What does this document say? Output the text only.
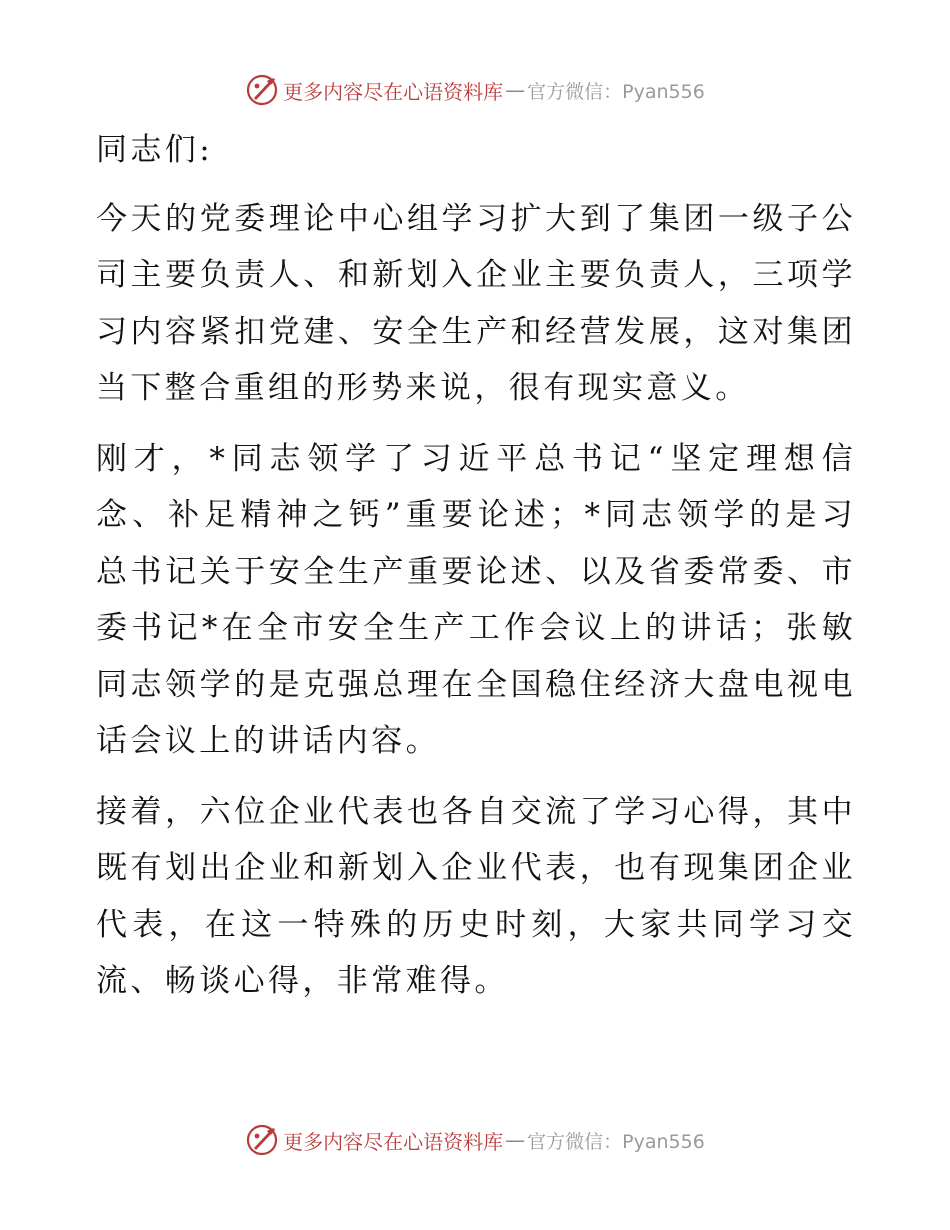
更多内容尽在心语资料库 — 官方微信：Pyan556

同志们:

今天的党委理论中心组学习扩大到了集团一级子公司主要负责人、和新划入企业主要负责人，三项学习内容紧扣党建、安全生产和经营发展，这对集团当下整合重组的形势来说，很有现实意义。

刚才，*同志领学了习近平总书记“坚定理想信念、补足精神之钙”重要论述；*同志领学的是习总书记关于安全生产重要论述、以及省委常委、市委书记*在全市安全生产工作会议上的讲话；张敏同志领学的是克强总理在全国稳住经济大盘电视电话会议上的讲话内容。

接着，六位企业代表也各自交流了学习心得，其中既有划出企业和新划入企业代表，也有现集团企业代表，在这一特殊的历史时刻，大家共同学习交流、畅谈心得，非常难得。

更多内容尽在心语资料库 — 官方微信：Pyan556
